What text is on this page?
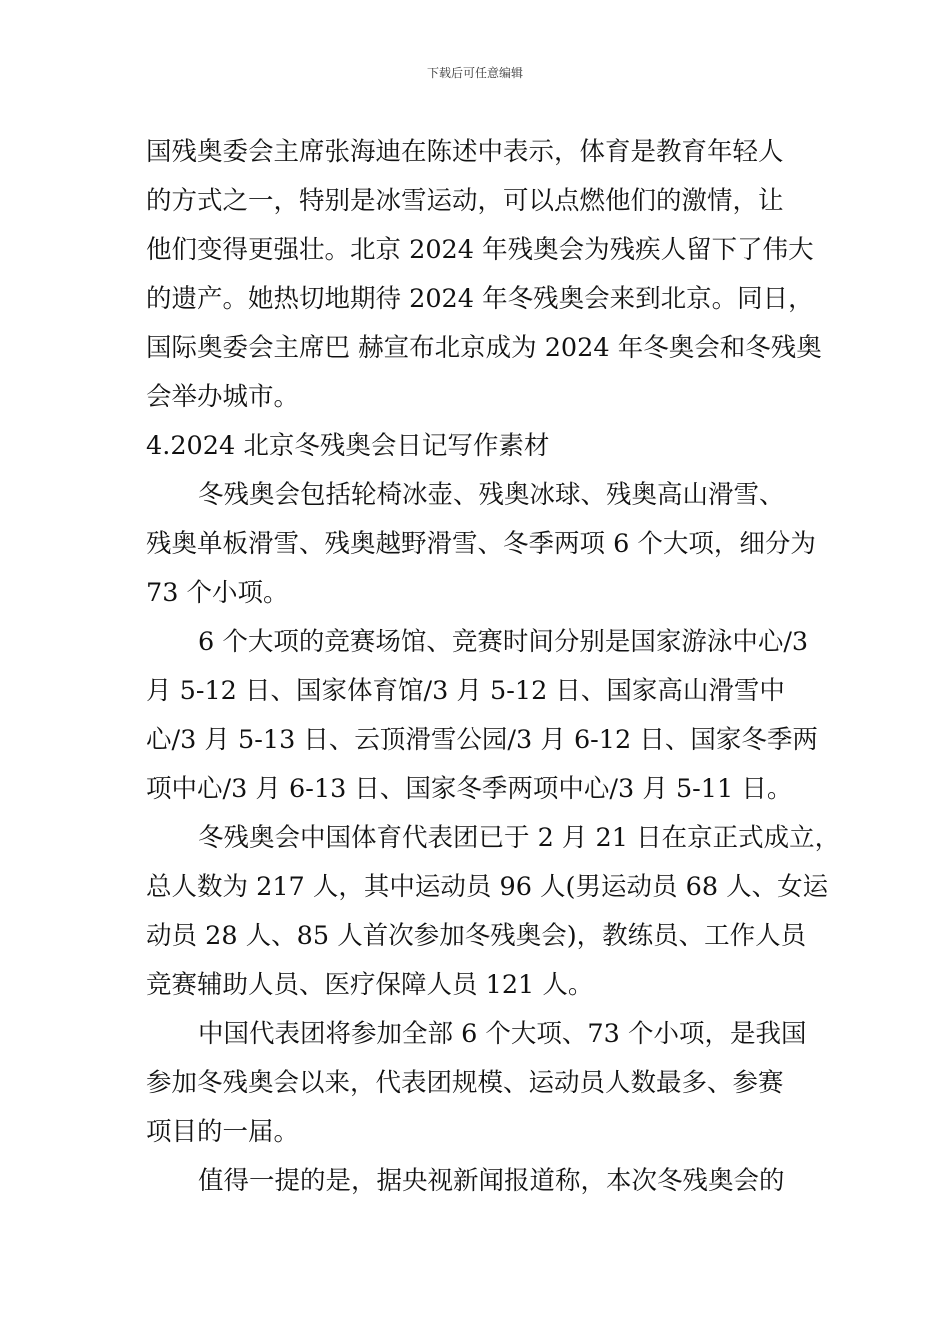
下载后可任意编辑
国残奥委会主席张海迪在陈述中表示，体育是教育年轻人
的方式之一，特别是冰雪运动，可以点燃他们的激情，让
他们变得更强壮。北京 2024 年残奥会为残疾人留下了伟大
的遗产。她热切地期待 2024 年冬残奥会来到北京。同日，
国际奥委会主席巴 赫宣布北京成为 2024 年冬奥会和冬残奥
会举办城市。
4.2024 北京冬残奥会日记写作素材
冬残奥会包括轮椅冰壶、残奥冰球、残奥高山滑雪、
残奥单板滑雪、残奥越野滑雪、冬季两项 6 个大项，细分为
73 个小项。
6 个大项的竞赛场馆、竞赛时间分别是国家游泳中心/3
月 5-12 日、国家体育馆/3 月 5-12 日、国家高山滑雪中
心/3 月 5-13 日、云顶滑雪公园/3 月 6-12 日、国家冬季两
项中心/3 月 6-13 日、国家冬季两项中心/3 月 5-11 日。
冬残奥会中国体育代表团已于 2 月 21 日在京正式成立，
总人数为 217 人，其中运动员 96 人(男运动员 68 人、女运
动员 28 人、85 人首次参加冬残奥会)，教练员、工作人员
竞赛辅助人员、医疗保障人员 121 人。
中国代表团将参加全部 6 个大项、73 个小项，是我国
参加冬残奥会以来，代表团规模、运动员人数最多、参赛
项目的一届。
值得一提的是，据央视新闻报道称，本次冬残奥会的
